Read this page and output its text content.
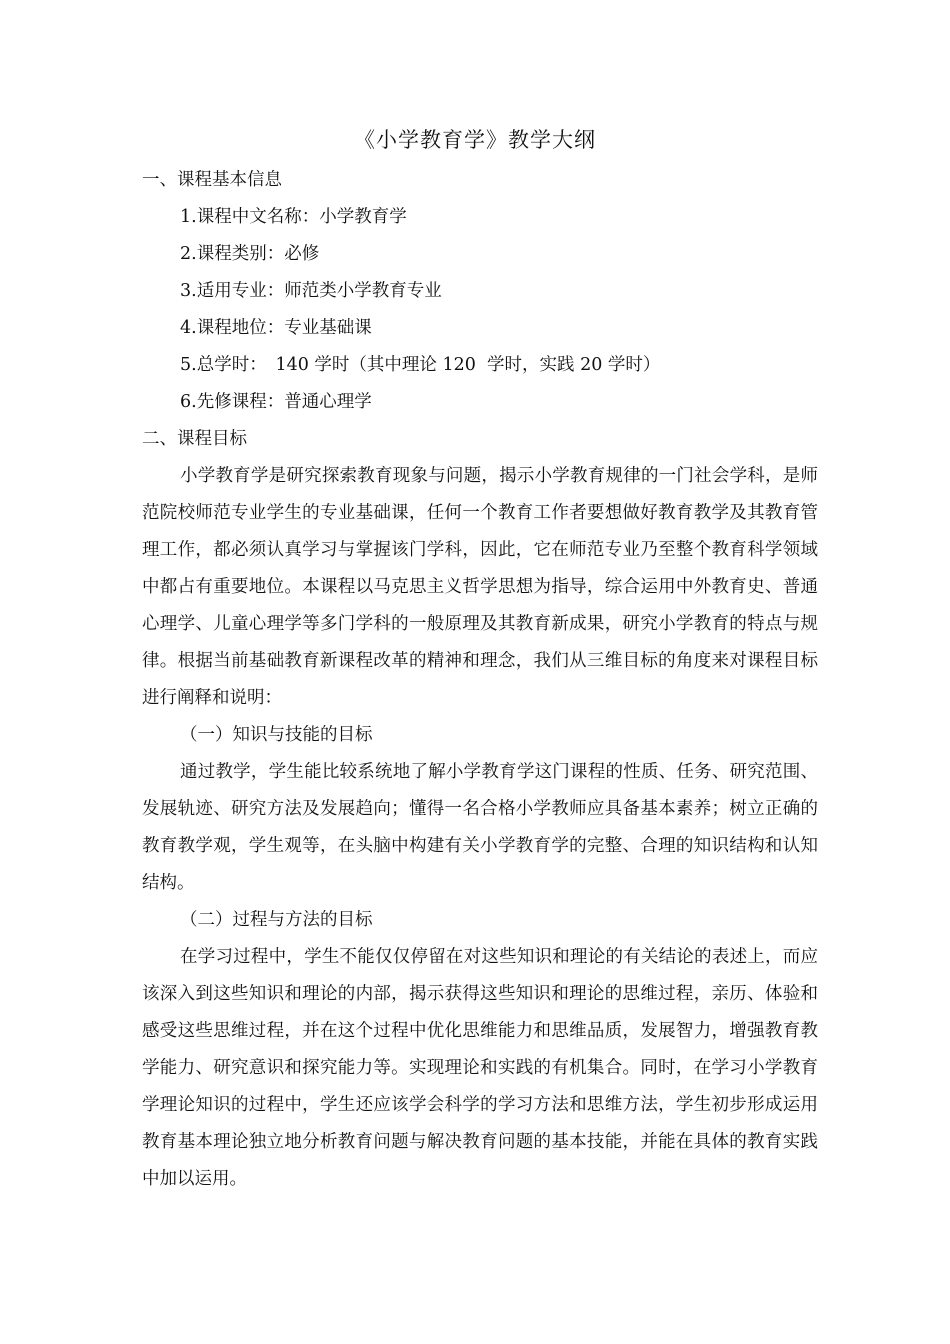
《小学教育学》教学大纲

一、课程基本信息

1.课程中文名称：小学教育学

2.课程类别：必修

3.适用专业：师范类小学教育专业

4.课程地位：专业基础课

5.总学时：　140 学时（其中理论 120  学时，实践 20 学时）

6.先修课程：普通心理学

二、课程目标

小学教育学是研究探索教育现象与问题，揭示小学教育规律的一门社会学科，是师范院校师范专业学生的专业基础课，任何一个教育工作者要想做好教育教学及其教育管理工作，都必须认真学习与掌握该门学科，因此，它在师范专业乃至整个教育科学领域中都占有重要地位。本课程以马克思主义哲学思想为指导，综合运用中外教育史、普通心理学、儿童心理学等多门学科的一般原理及其教育新成果，研究小学教育的特点与规律。根据当前基础教育新课程改革的精神和理念，我们从三维目标的角度来对课程目标进行阐释和说明：

（一）知识与技能的目标

通过教学，学生能比较系统地了解小学教育学这门课程的性质、任务、研究范围、发展轨迹、研究方法及发展趋向；懂得一名合格小学教师应具备基本素养；树立正确的教育教学观，学生观等，在头脑中构建有关小学教育学的完整、合理的知识结构和认知结构。

（二）过程与方法的目标

在学习过程中，学生不能仅仅停留在对这些知识和理论的有关结论的表述上，而应该深入到这些知识和理论的内部，揭示获得这些知识和理论的思维过程，亲历、体验和感受这些思维过程，并在这个过程中优化思维能力和思维品质，发展智力，增强教育教学能力、研究意识和探究能力等。实现理论和实践的有机集合。同时，在学习小学教育学理论知识的过程中，学生还应该学会科学的学习方法和思维方法，学生初步形成运用教育基本理论独立地分析教育问题与解决教育问题的基本技能，并能在具体的教育实践中加以运用。
